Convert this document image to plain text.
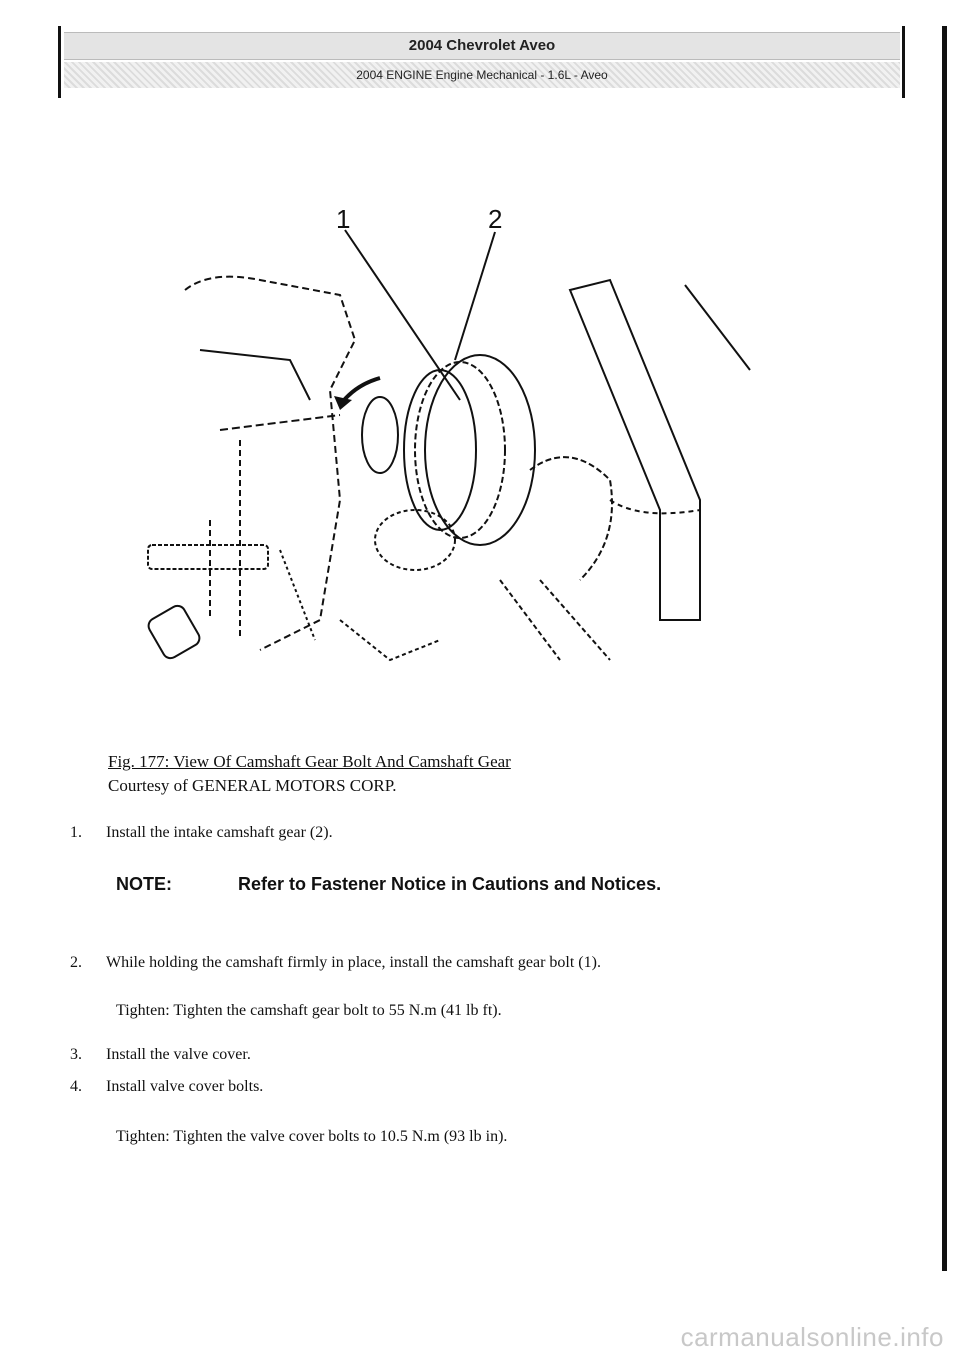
2004 Chevrolet Aveo
2004 ENGINE Engine Mechanical - 1.6L - Aveo
1	2
Fig. 177: View Of Camshaft Gear Bolt And Camshaft Gear
Courtesy of GENERAL MOTORS CORP.
1. Install the intake camshaft gear (2).
NOTE:	Refer to Fastener Notice in Cautions and Notices.
2. While holding the camshaft firmly in place, install the camshaft gear bolt (1).
Tighten: Tighten the camshaft gear bolt to 55 N.m (41 lb ft).
3. Install the valve cover.
4. Install valve cover bolts.
Tighten: Tighten the valve cover bolts to 10.5 N.m (93 lb in).
carmanualsonline.info
